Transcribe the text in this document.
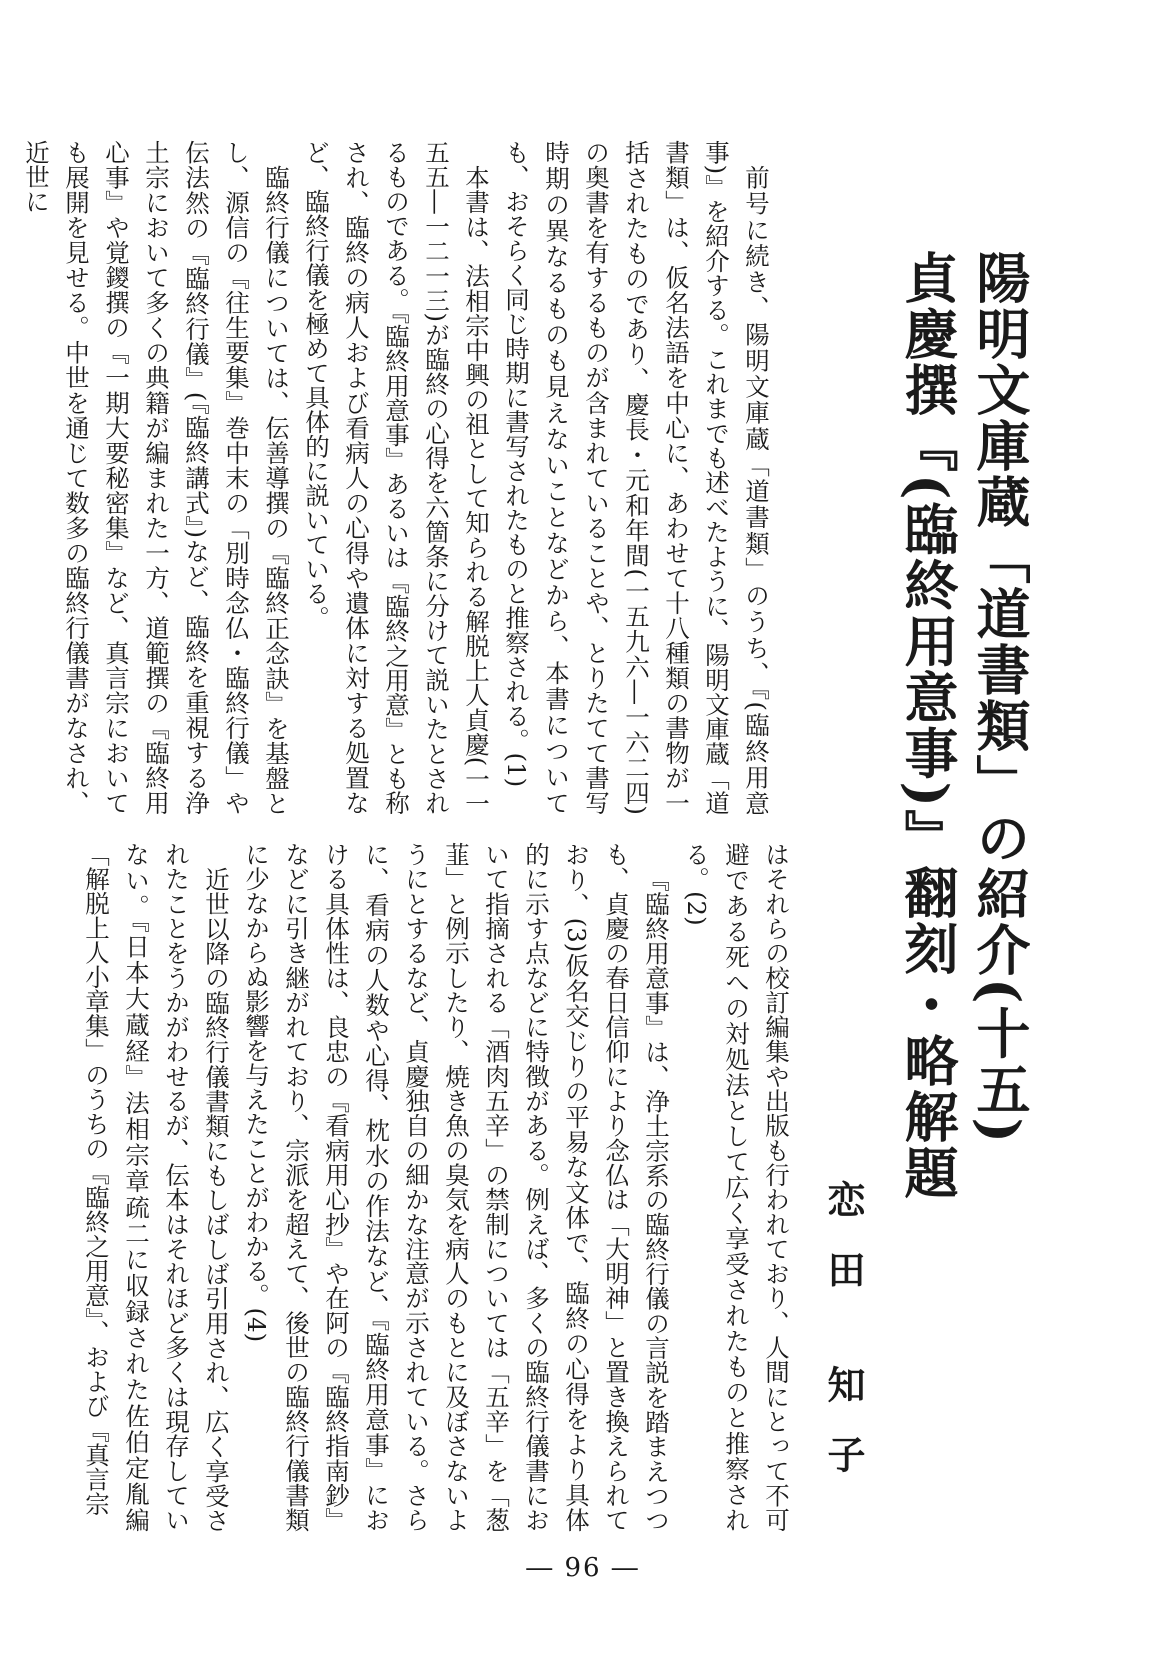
陽明文庫蔵「道書類」の紹介(十五)

貞慶撰『(臨終用意事)』翻刻・略解題

恋田 知子

前号に続き、陽明文庫蔵「道書類」のうち、『(臨終用意事)』を紹介する。これまでも述べたように、陽明文庫蔵「道書類」は、仮名法語を中心に、あわせて十八種類の書物が一括されたものであり、慶長・元和年間(一五九六―一六二四)の奥書を有するものが含まれていることや、とりたてて書写時期の異なるものも見えないことなどから、本書についても、おそらく同じ時期に書写されたものと推察される。(1)

本書は、法相宗中興の祖として知られる解脱上人貞慶(一一五五―一二一三)が臨終の心得を六箇条に分けて説いたとされるものである。『臨終用意事』あるいは『臨終之用意』とも称され、臨終の病人および看病人の心得や遺体に対する処置など、臨終行儀を極めて具体的に説いている。

臨終行儀については、伝善導撰の『臨終正念訣』を基盤とし、源信の『往生要集』巻中末の「別時念仏・臨終行儀」や伝法然の『臨終行儀』(『臨終講式』)など、臨終を重視する浄土宗において多くの典籍が編まれた一方、道範撰の『臨終用心事』や覚鑁撰の『一期大要秘密集』など、真言宗においても展開を見せる。中世を通じて数多の臨終行儀書がなされ、近世に

はそれらの校訂編集や出版も行われており、人間にとって不可避である死への対処法として広く享受されたものと推察される。(2)

『臨終用意事』は、浄土宗系の臨終行儀の言説を踏まえつつも、貞慶の春日信仰により念仏は「大明神」と置き換えられており、(3)仮名交じりの平易な文体で、臨終の心得をより具体的に示す点などに特徴がある。例えば、多くの臨終行儀書において指摘される「酒肉五辛」の禁制については「五辛」を「葱韮」と例示したり、焼き魚の臭気を病人のもとに及ぼさないようにとするなど、貞慶独自の細かな注意が示されている。さらに、看病の人数や心得、枕水の作法など、『臨終用意事』における具体性は、良忠の『看病用心抄』や在阿の『臨終指南鈔』などに引き継がれており、宗派を超えて、後世の臨終行儀書類に少なからぬ影響を与えたことがわかる。(4)

近世以降の臨終行儀書類にもしばしば引用され、広く享受されたことをうかがわせるが、伝本はそれほど多くは現存していない。『日本大蔵経』法相宗章疏二に収録された佐伯定胤編「解脱上人小章集」のうちの『臨終之用意』、および『真言宗

― 96 ―
